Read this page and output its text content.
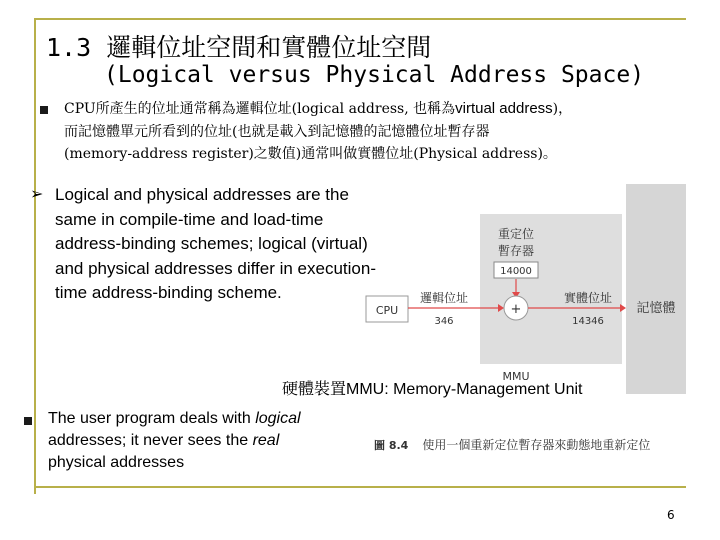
1.3 邏輯位址空間和實體位址空間
(Logical versus Physical Address Space)
CPU所產生的位址通常稱為邏輯位址(logical address, 也稱為virtual address)，
而記憶體單元所看到的位址(也就是載入到記憶體的記憶體位址暫存器
(memory-address register)之數值)通常叫做實體位址(Physical address)。
➢ Logical and physical addresses are the
same in compile-time and load-time
address-binding schemes; logical (virtual)
and physical addresses differ in execution-
time address-binding scheme.
記憶體
重定位
暫存器
14000
CPU
邏輯位址
346
+
實體位址
14346
MMU
硬體裝置MMU: Memory-Management Unit
The user program deals with logical
addresses; it never sees the real
physical addresses
圖 8.4 使用一個重新定位暫存器來動態地重新定位
6
